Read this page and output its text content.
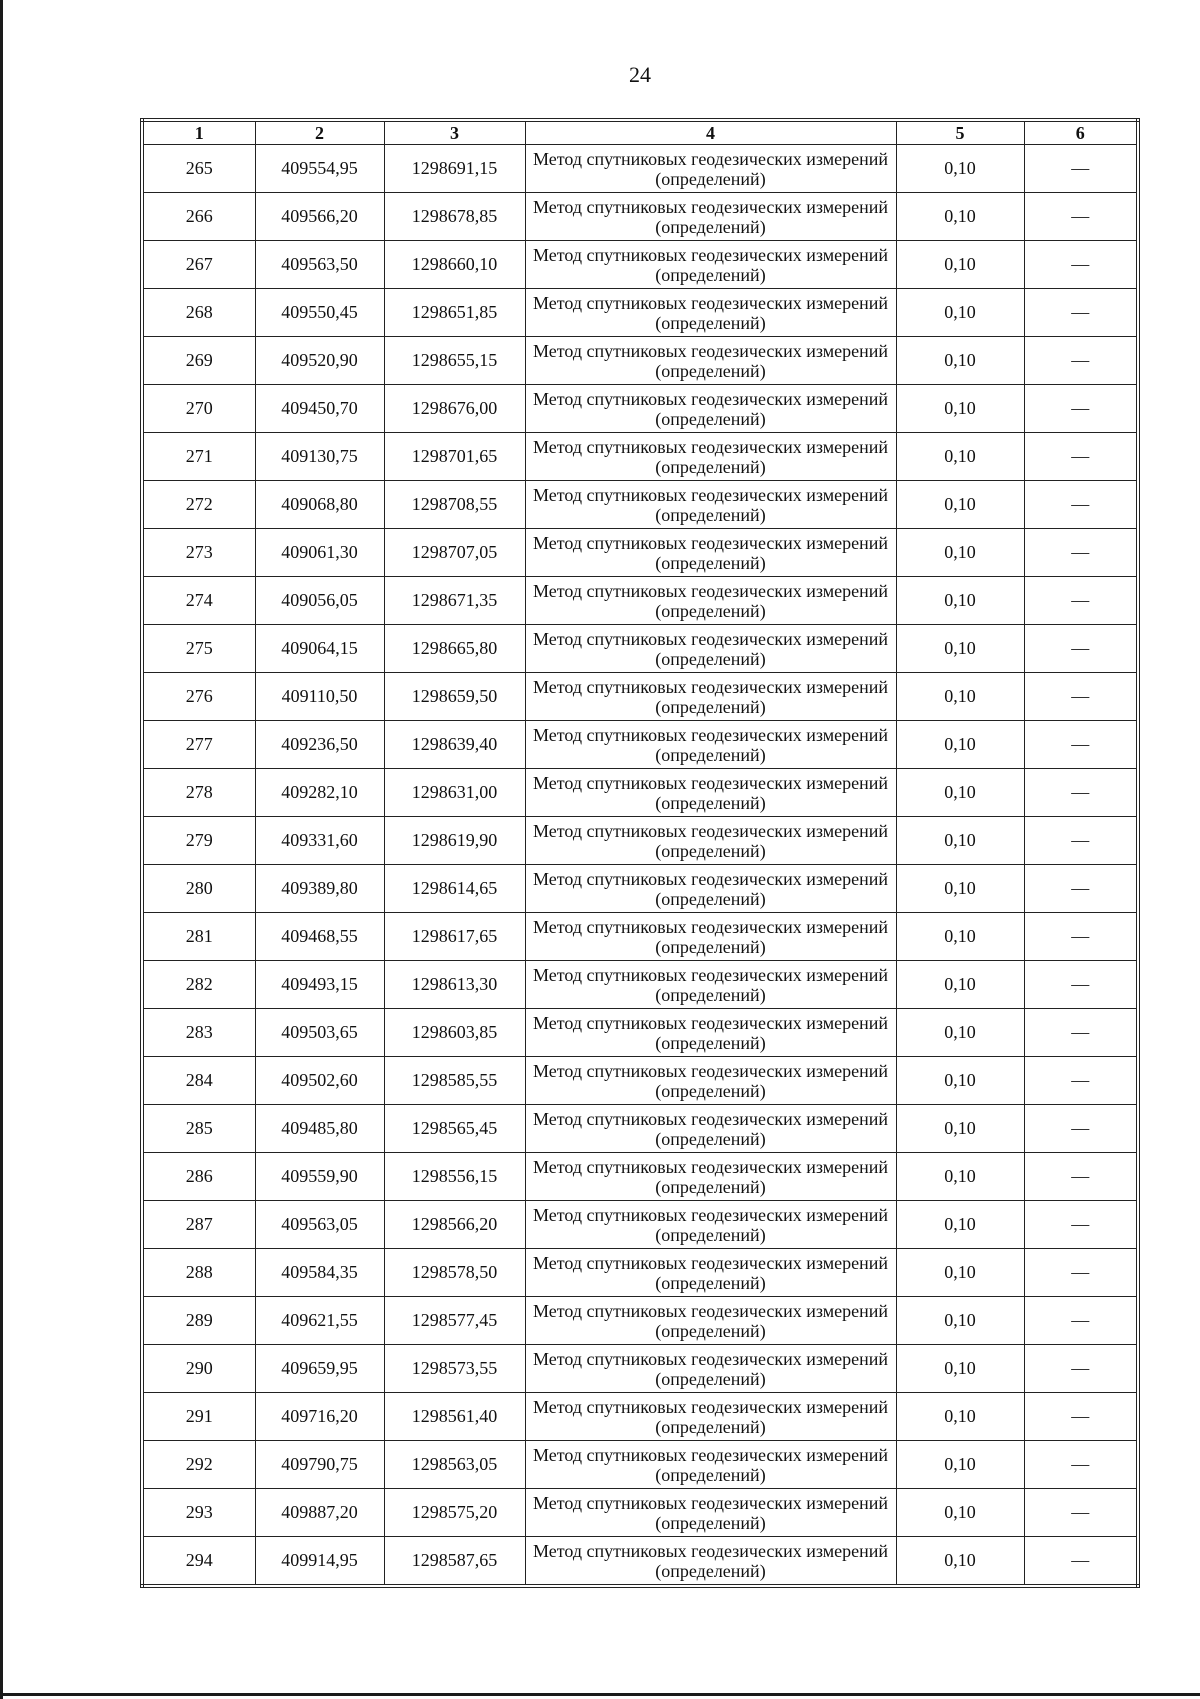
24
1	2	3	4	5	6
265	409554,95	1298691,15	Метод спутниковых геодезических измерений (определений)	0,10	—
266	409566,20	1298678,85	Метод спутниковых геодезических измерений (определений)	0,10	—
267	409563,50	1298660,10	Метод спутниковых геодезических измерений (определений)	0,10	—
268	409550,45	1298651,85	Метод спутниковых геодезических измерений (определений)	0,10	—
269	409520,90	1298655,15	Метод спутниковых геодезических измерений (определений)	0,10	—
270	409450,70	1298676,00	Метод спутниковых геодезических измерений (определений)	0,10	—
271	409130,75	1298701,65	Метод спутниковых геодезических измерений (определений)	0,10	—
272	409068,80	1298708,55	Метод спутниковых геодезических измерений (определений)	0,10	—
273	409061,30	1298707,05	Метод спутниковых геодезических измерений (определений)	0,10	—
274	409056,05	1298671,35	Метод спутниковых геодезических измерений (определений)	0,10	—
275	409064,15	1298665,80	Метод спутниковых геодезических измерений (определений)	0,10	—
276	409110,50	1298659,50	Метод спутниковых геодезических измерений (определений)	0,10	—
277	409236,50	1298639,40	Метод спутниковых геодезических измерений (определений)	0,10	—
278	409282,10	1298631,00	Метод спутниковых геодезических измерений (определений)	0,10	—
279	409331,60	1298619,90	Метод спутниковых геодезических измерений (определений)	0,10	—
280	409389,80	1298614,65	Метод спутниковых геодезических измерений (определений)	0,10	—
281	409468,55	1298617,65	Метод спутниковых геодезических измерений (определений)	0,10	—
282	409493,15	1298613,30	Метод спутниковых геодезических измерений (определений)	0,10	—
283	409503,65	1298603,85	Метод спутниковых геодезических измерений (определений)	0,10	—
284	409502,60	1298585,55	Метод спутниковых геодезических измерений (определений)	0,10	—
285	409485,80	1298565,45	Метод спутниковых геодезических измерений (определений)	0,10	—
286	409559,90	1298556,15	Метод спутниковых геодезических измерений (определений)	0,10	—
287	409563,05	1298566,20	Метод спутниковых геодезических измерений (определений)	0,10	—
288	409584,35	1298578,50	Метод спутниковых геодезических измерений (определений)	0,10	—
289	409621,55	1298577,45	Метод спутниковых геодезических измерений (определений)	0,10	—
290	409659,95	1298573,55	Метод спутниковых геодезических измерений (определений)	0,10	—
291	409716,20	1298561,40	Метод спутниковых геодезических измерений (определений)	0,10	—
292	409790,75	1298563,05	Метод спутниковых геодезических измерений (определений)	0,10	—
293	409887,20	1298575,20	Метод спутниковых геодезических измерений (определений)	0,10	—
294	409914,95	1298587,65	Метод спутниковых геодезических измерений (определений)	0,10	—
